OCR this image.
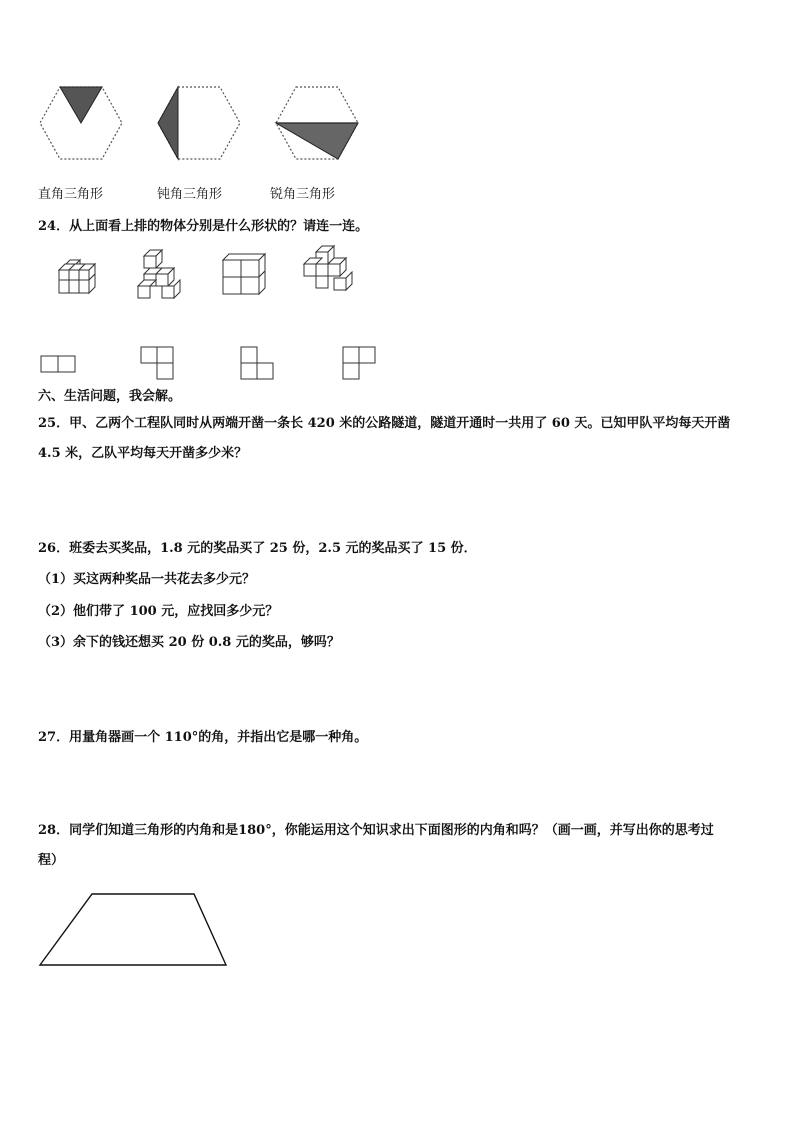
直角三角形	钝角三角形	锐角三角形
24．从上面看上排的物体分别是什么形状的？请连一连。
六、生活问题，我会解。
25．甲、乙两个工程队同时从两端开凿一条长 420 米的公路隧道，隧道开通时一共用了 60 天。已知甲队平均每天开凿
4.5 米，乙队平均每天开凿多少米？
26．班委去买奖品，1.8 元的奖品买了 25 份，2.5 元的奖品买了 15 份．
（1）买这两种奖品一共花去多少元？
（2）他们带了 100 元，应找回多少元？
（3）余下的钱还想买 20 份 0.8 元的奖品，够吗？
27．用量角器画一个 110°的角，并指出它是哪一种角。
28．同学们知道三角形的内角和是180°，你能运用这个知识求出下面图形的内角和吗？（画一画，并写出你的思考过
程）
